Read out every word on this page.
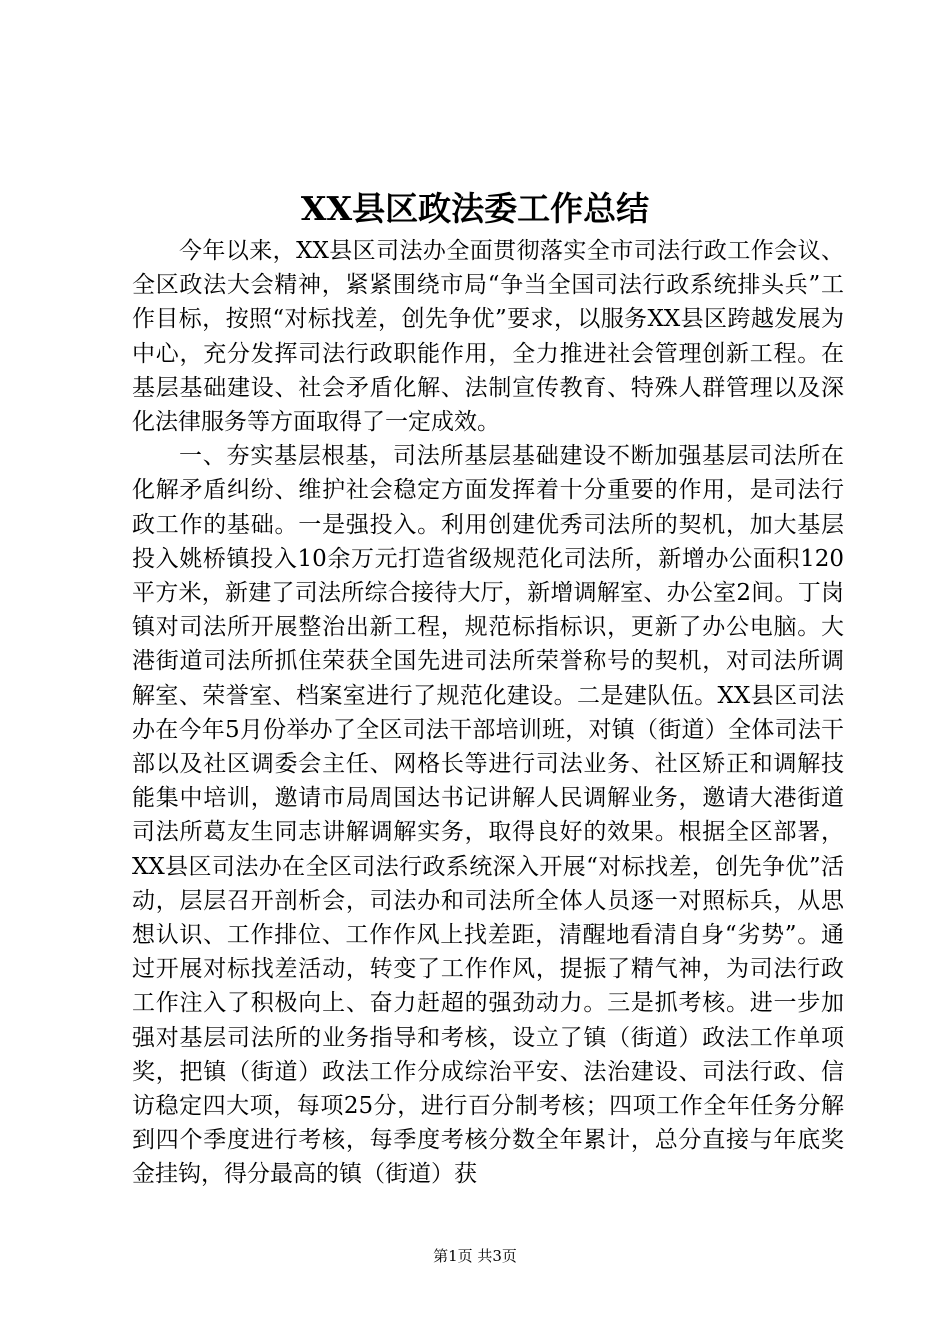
XX县区政法委工作总结

今年以来，XX县区司法办全面贯彻落实全市司法行政工作会议、全区政法大会精神，紧紧围绕市局“争当全国司法行政系统排头兵”工作目标，按照“对标找差，创先争优”要求，以服务XX县区跨越发展为中心，充分发挥司法行政职能作用，全力推进社会管理创新工程。在基层基础建设、社会矛盾化解、法制宣传教育、特殊人群管理以及深化法律服务等方面取得了一定成效。

一、夯实基层根基，司法所基层基础建设不断加强基层司法所在化解矛盾纠纷、维护社会稳定方面发挥着十分重要的作用，是司法行政工作的基础。一是强投入。利用创建优秀司法所的契机，加大基层投入姚桥镇投入10余万元打造省级规范化司法所，新增办公面积120平方米，新建了司法所综合接待大厅，新增调解室、办公室2间。丁岗镇对司法所开展整治出新工程，规范标指标识，更新了办公电脑。大港街道司法所抓住荣获全国先进司法所荣誉称号的契机，对司法所调解室、荣誉室、档案室进行了规范化建设。二是建队伍。XX县区司法办在今年5月份举办了全区司法干部培训班，对镇（街道）全体司法干部以及社区调委会主任、网格长等进行司法业务、社区矫正和调解技能集中培训，邀请市局周国达书记讲解人民调解业务，邀请大港街道司法所葛友生同志讲解调解实务，取得良好的效果。根据全区部署，XX县区司法办在全区司法行政系统深入开展“对标找差，创先争优”活动，层层召开剖析会，司法办和司法所全体人员逐一对照标兵，从思想认识、工作排位、工作作风上找差距，清醒地看清自身“劣势”。通过开展对标找差活动，转变了工作作风，提振了精气神，为司法行政工作注入了积极向上、奋力赶超的强劲动力。三是抓考核。进一步加强对基层司法所的业务指导和考核，设立了镇（街道）政法工作单项奖，把镇（街道）政法工作分成综治平安、法治建设、司法行政、信访稳定四大项，每项25分，进行百分制考核；四项工作全年任务分解到四个季度进行考核，每季度考核分数全年累计，总分直接与年底奖金挂钩，得分最高的镇（街道）获

第1页 共3页
